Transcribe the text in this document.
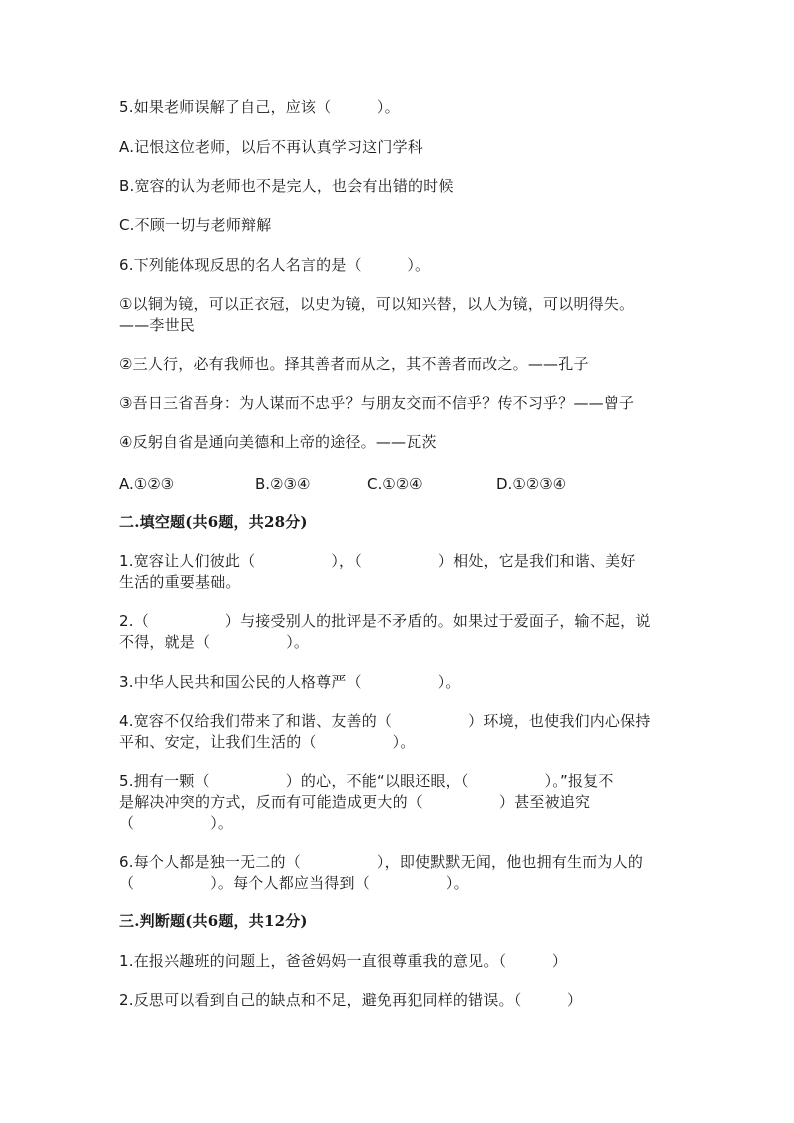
5.如果老师误解了自己，应该（　　　）。
A.记恨这位老师，以后不再认真学习这门学科
B.宽容的认为老师也不是完人，也会有出错的时候
C.不顾一切与老师辩解
6.下列能体现反思的名人名言的是（　　　）。
①以铜为镜，可以正衣冠，以史为镜，可以知兴替，以人为镜，可以明得失。
——李世民
②三人行，必有我师也。择其善者而从之，其不善者而改之。——孔子
③吾日三省吾身：为人谋而不忠乎？与朋友交而不信乎？传不习乎？——曾子
④反躬自省是通向美德和上帝的途径。——瓦茨
A.①②③	B.②③④	C.①②④	D.①②③④
二.填空题(共6题，共28分)
1.宽容让人们彼此（　　　　　），（　　　　　）相处，它是我们和谐、美好
生活的重要基础。
2.（　　　　　）与接受别人的批评是不矛盾的。如果过于爱面子，输不起，说
不得，就是（　　　　　）。
3.中华人民共和国公民的人格尊严（　　　　　）。
4.宽容不仅给我们带来了和谐、友善的（　　　　　）环境，也使我们内心保持
平和、安定，让我们生活的（　　　　　）。
5.拥有一颗（　　　　　）的心，不能“以眼还眼，（　　　　　）。”报复不
是解决冲突的方式，反而有可能造成更大的（　　　　　）甚至被追究
（　　　　　）。
6.每个人都是独一无二的（　　　　　），即使默默无闻，他也拥有生而为人的
（　　　　　）。每个人都应当得到（　　　　　）。
三.判断题(共6题，共12分)
1.在报兴趣班的问题上，爸爸妈妈一直很尊重我的意见。（　　　）
2.反思可以看到自己的缺点和不足，避免再犯同样的错误。（　　　）
